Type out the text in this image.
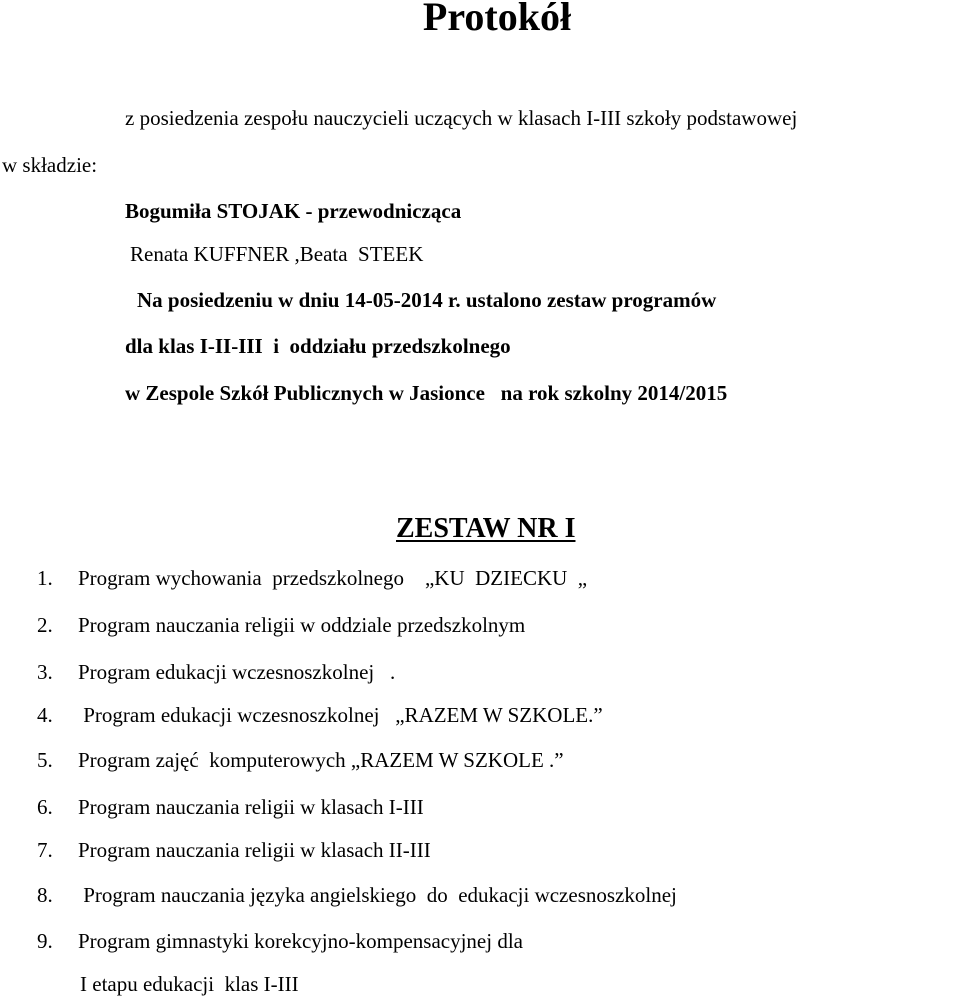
Protokół
z posiedzenia zespołu nauczycieli uczących w klasach I-III szkoły podstawowej
w składzie:
Bogumiła STOJAK - przewodnicząca
Renata KUFFNER ,Beata  STEEK
Na posiedzeniu w dniu 14-05-2014 r. ustalono zestaw programów
dla klas I-II-III  i  oddziału przedszkolnego
w Zespole Szkół Publicznych w Jasionce   na rok szkolny 2014/2015
ZESTAW NR I
1. Program wychowania  przedszkolnego    „KU  DZIECKU  „
2. Program nauczania religii w oddziale przedszkolnym
3. Program edukacji wczesnoszkolnej   .
4. Program edukacji wczesnoszkolnej   „RAZEM W SZKOLE.”
5. Program zajęć  komputerowych „RAZEM W SZKOLE .”
6. Program nauczania religii w klasach I-III
7. Program nauczania religii w klasach II-III
8. Program nauczania języka angielskiego  do  edukacji wczesnoszkolnej
9. Program gimnastyki korekcyjno-kompensacyjnej dla
I etapu edukacji  klas I-III
